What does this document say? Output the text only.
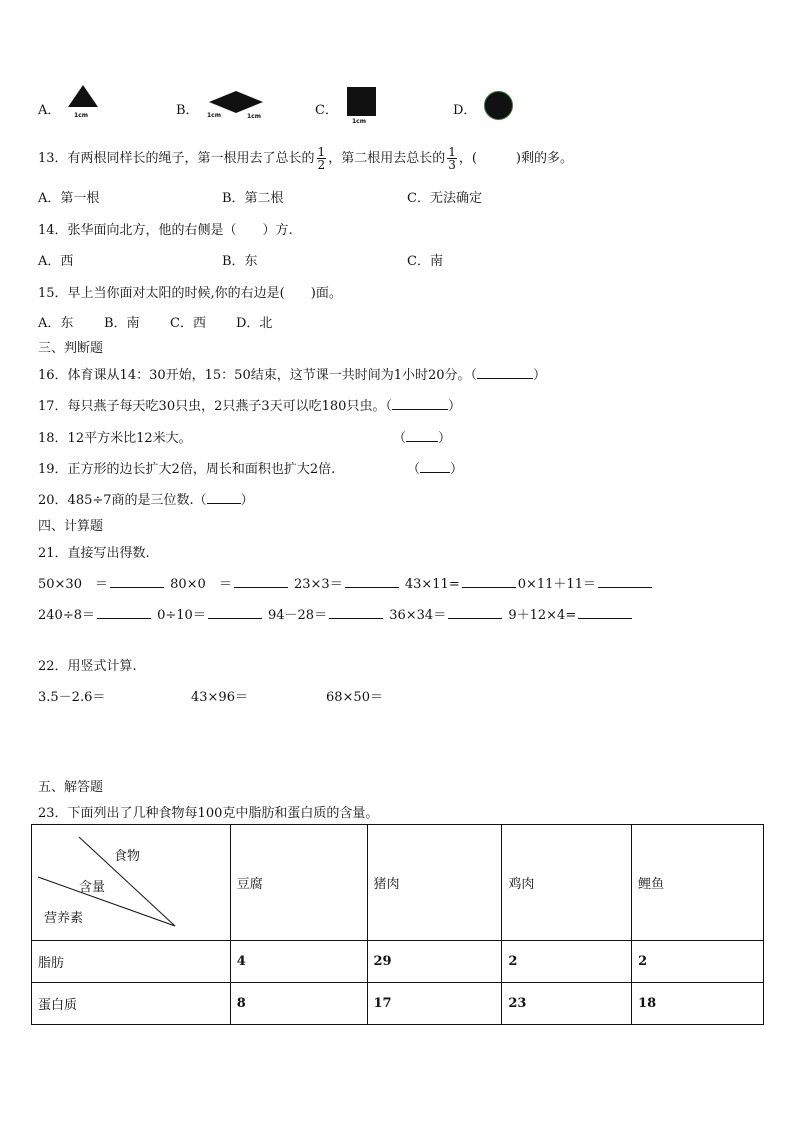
A． 1cm	B． 1cm	1cm	C．
1cm
D．
13．有两根同样长的绳子，第一根用去了总长的 $\frac{1}{2}$ ，第二根用去总长的 $\frac{1}{3}$ ，(　　　)剩的多。
A．第一根	B．第二根	C．无法确定
14．张华面向北方，他的右侧是（　　）方.
A．西	B．东	C．南
15．早上当你面对太阳的时候,你的右边是(　　)面。
A．东 B．南 C．西 D．北
三、判断题
16．体育课从14：30开始，15：50结束，这节课一共时间为1小时20分。（	）
17．每只燕子每天吃30只虫，2只燕子3天可以吃180只虫。（	）
18．12平方米比12米大。	（ ）
19．正方形的边长扩大2倍，周长和面积也扩大2倍.	（ ）
20．485÷7商的是三位数.（	）
四、计算题
21．直接写出得数.
50×30　＝	80×0　＝	23×3＝	43×11=	0×11＋11＝
240÷8＝	0÷10＝	94－28＝	36×34＝	9＋12×4=
22．用竖式计算.
3.5－2.6＝	43×96＝	68×50＝
五、解答题
23．下面列出了几种食物每100克中脂肪和蛋白质的含量。
食物
含量
营养素	豆腐	猪肉	鸡肉	鲤鱼
脂肪	4	29	2	2
蛋白质	8	17	23	18
